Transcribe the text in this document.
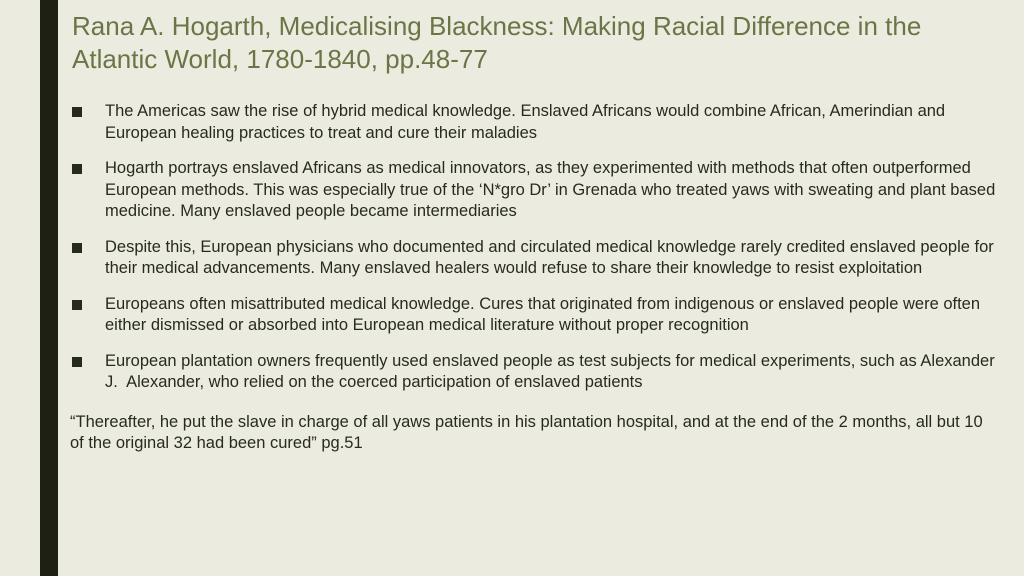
Rana A. Hogarth, Medicalising Blackness: Making Racial Difference in the Atlantic World, 1780-1840, pp.48-77
The Americas saw the rise of hybrid medical knowledge. Enslaved Africans would combine African, Amerindian and European healing practices to treat and cure their maladies
Hogarth portrays enslaved Africans as medical innovators, as they experimented with methods that often outperformed European methods. This was especially true of the ‘N*gro Dr’ in Grenada who treated yaws with sweating and plant based medicine. Many enslaved people became intermediaries
Despite this, European physicians who documented and circulated medical knowledge rarely credited enslaved people for their medical advancements. Many enslaved healers would refuse to share their knowledge to resist exploitation
Europeans often misattributed medical knowledge. Cures that originated from indigenous or enslaved people were often either dismissed or absorbed into European medical literature without proper recognition
European plantation owners frequently used enslaved people as test subjects for medical experiments, such as Alexander J.  Alexander, who relied on the coerced participation of enslaved patients

“Thereafter, he put the slave in charge of all yaws patients in his plantation hospital, and at the end of the 2 months, all but 10 of the original 32 had been cured” pg.51
